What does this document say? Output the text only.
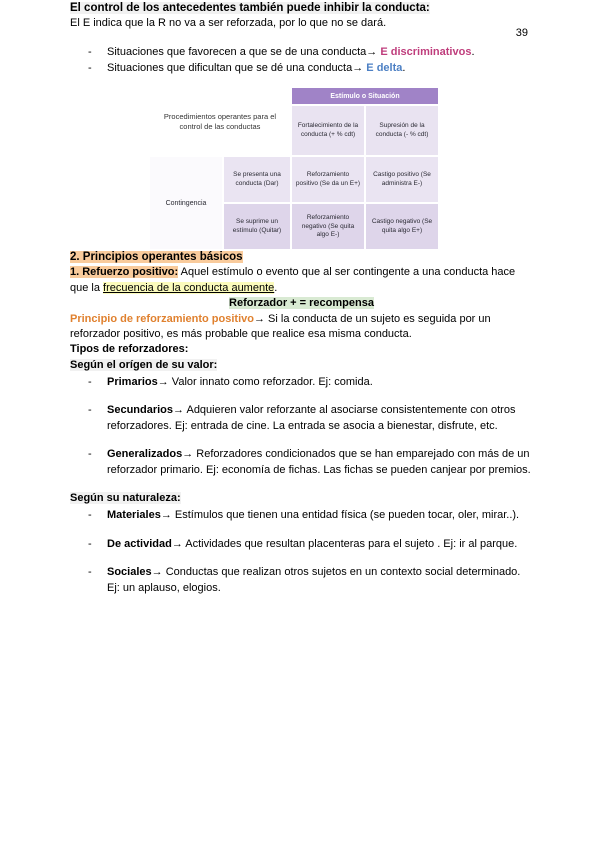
39

El control de los antecedentes también puede inhibir la conducta:

El E indica que la R no va a ser reforzada, por lo que no se dará.

- Situaciones que favorecen a que se de una conducta→ E discriminativos.
- Situaciones que dificultan que se dé una conducta→ E delta.
Procedimientos operantes para el control de las conductas
Estímulo o Situación
Fortalecimiento de la conducta (+ % cdt)
Supresión de la conducta (- % cdt)
Contingencia
Se presenta una conducta (Dar)
Reforzamiento positivo (Se da un E+)
Castigo positivo (Se administra E-)
Se suprime un estímulo (Quitar)
Reforzamiento negativo (Se quita algo E-)
Castigo negativo (Se quita algo E+)

2. Principios operantes básicos

1. Refuerzo positivo: Aquel estímulo o evento que al ser contingente a una conducta hace que la frecuencia de la conducta aumente.

Reforzador + = recompensa

Principio de reforzamiento positivo→ Si la conducta de un sujeto es seguida por un reforzador positivo, es más probable que realice esa misma conducta.

Tipos de reforzadores:

Según el orígen de su valor:

- Primarios→ Valor innato como reforzador. Ej: comida.
- Secundarios→ Adquieren valor reforzante al asociarse consistentemente con otros reforzadores. Ej: entrada de cine. La entrada se asocia a bienestar, disfrute, etc.
- Generalizados→ Reforzadores condicionados que se han emparejado con más de un reforzador primario. Ej: economía de fichas. Las fichas se pueden canjear por premios.

Según su naturaleza:

- Materiales→ Estímulos que tienen una entidad física (se pueden tocar, oler, mirar..).
- De actividad→ Actividades que resultan placenteras para el sujeto . Ej: ir al parque.
- Sociales→ Conductas que realizan otros sujetos en un contexto social determinado. Ej: un aplauso, elogios.
